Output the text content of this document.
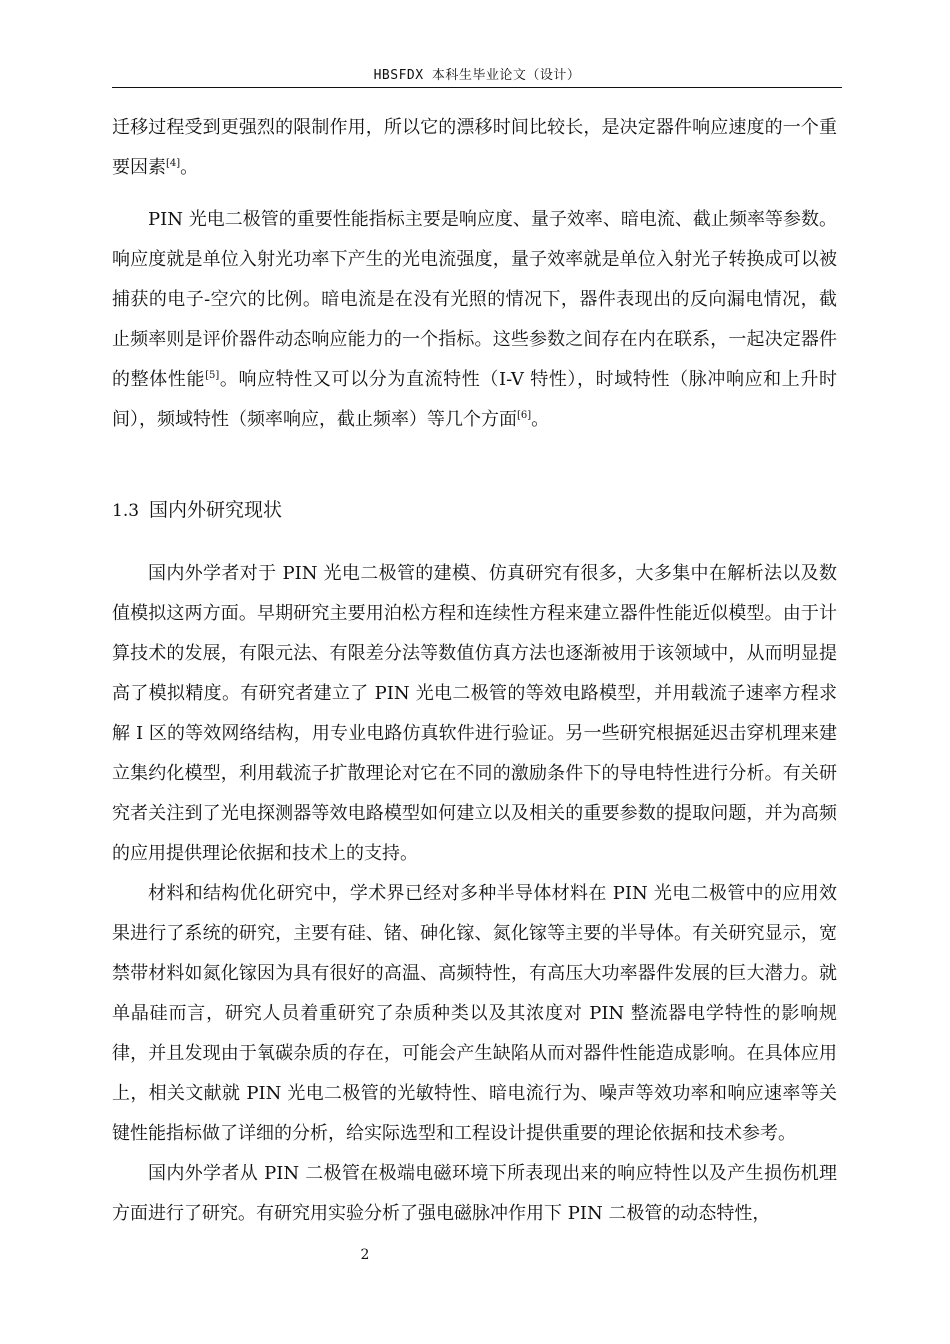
HBSFDX 本科生毕业论文（设计）

迁移过程受到更强烈的限制作用，所以它的漂移时间比较长，是决定器件响应速度的一个重要因素[4]。

PIN 光电二极管的重要性能指标主要是响应度、量子效率、暗电流、截止频率等参数。响应度就是单位入射光功率下产生的光电流强度，量子效率就是单位入射光子转换成可以被捕获的电子-空穴的比例。暗电流是在没有光照的情况下，器件表现出的反向漏电情况，截止频率则是评价器件动态响应能力的一个指标。这些参数之间存在内在联系，一起决定器件的整体性能[5]。响应特性又可以分为直流特性（I-V 特性），时域特性（脉冲响应和上升时间），频域特性（频率响应，截止频率）等几个方面[6]。

1.3 国内外研究现状

国内外学者对于 PIN 光电二极管的建模、仿真研究有很多，大多集中在解析法以及数值模拟这两方面。早期研究主要用泊松方程和连续性方程来建立器件性能近似模型。由于计算技术的发展，有限元法、有限差分法等数值仿真方法也逐渐被用于该领域中，从而明显提高了模拟精度。有研究者建立了 PIN 光电二极管的等效电路模型，并用载流子速率方程求解 I 区的等效网络结构，用专业电路仿真软件进行验证。另一些研究根据延迟击穿机理来建立集约化模型，利用载流子扩散理论对它在不同的激励条件下的导电特性进行分析。有关研究者关注到了光电探测器等效电路模型如何建立以及相关的重要参数的提取问题，并为高频的应用提供理论依据和技术上的支持。

材料和结构优化研究中，学术界已经对多种半导体材料在 PIN 光电二极管中的应用效果进行了系统的研究，主要有硅、锗、砷化镓、氮化镓等主要的半导体。有关研究显示，宽禁带材料如氮化镓因为具有很好的高温、高频特性，有高压大功率器件发展的巨大潜力。就单晶硅而言，研究人员着重研究了杂质种类以及其浓度对 PIN 整流器电学特性的影响规律，并且发现由于氧碳杂质的存在，可能会产生缺陷从而对器件性能造成影响。在具体应用上，相关文献就 PIN 光电二极管的光敏特性、暗电流行为、噪声等效功率和响应速率等关键性能指标做了详细的分析，给实际选型和工程设计提供重要的理论依据和技术参考。

国内外学者从 PIN 二极管在极端电磁环境下所表现出来的响应特性以及产生损伤机理方面进行了研究。有研究用实验分析了强电磁脉冲作用下 PIN 二极管的动态特性，

2
